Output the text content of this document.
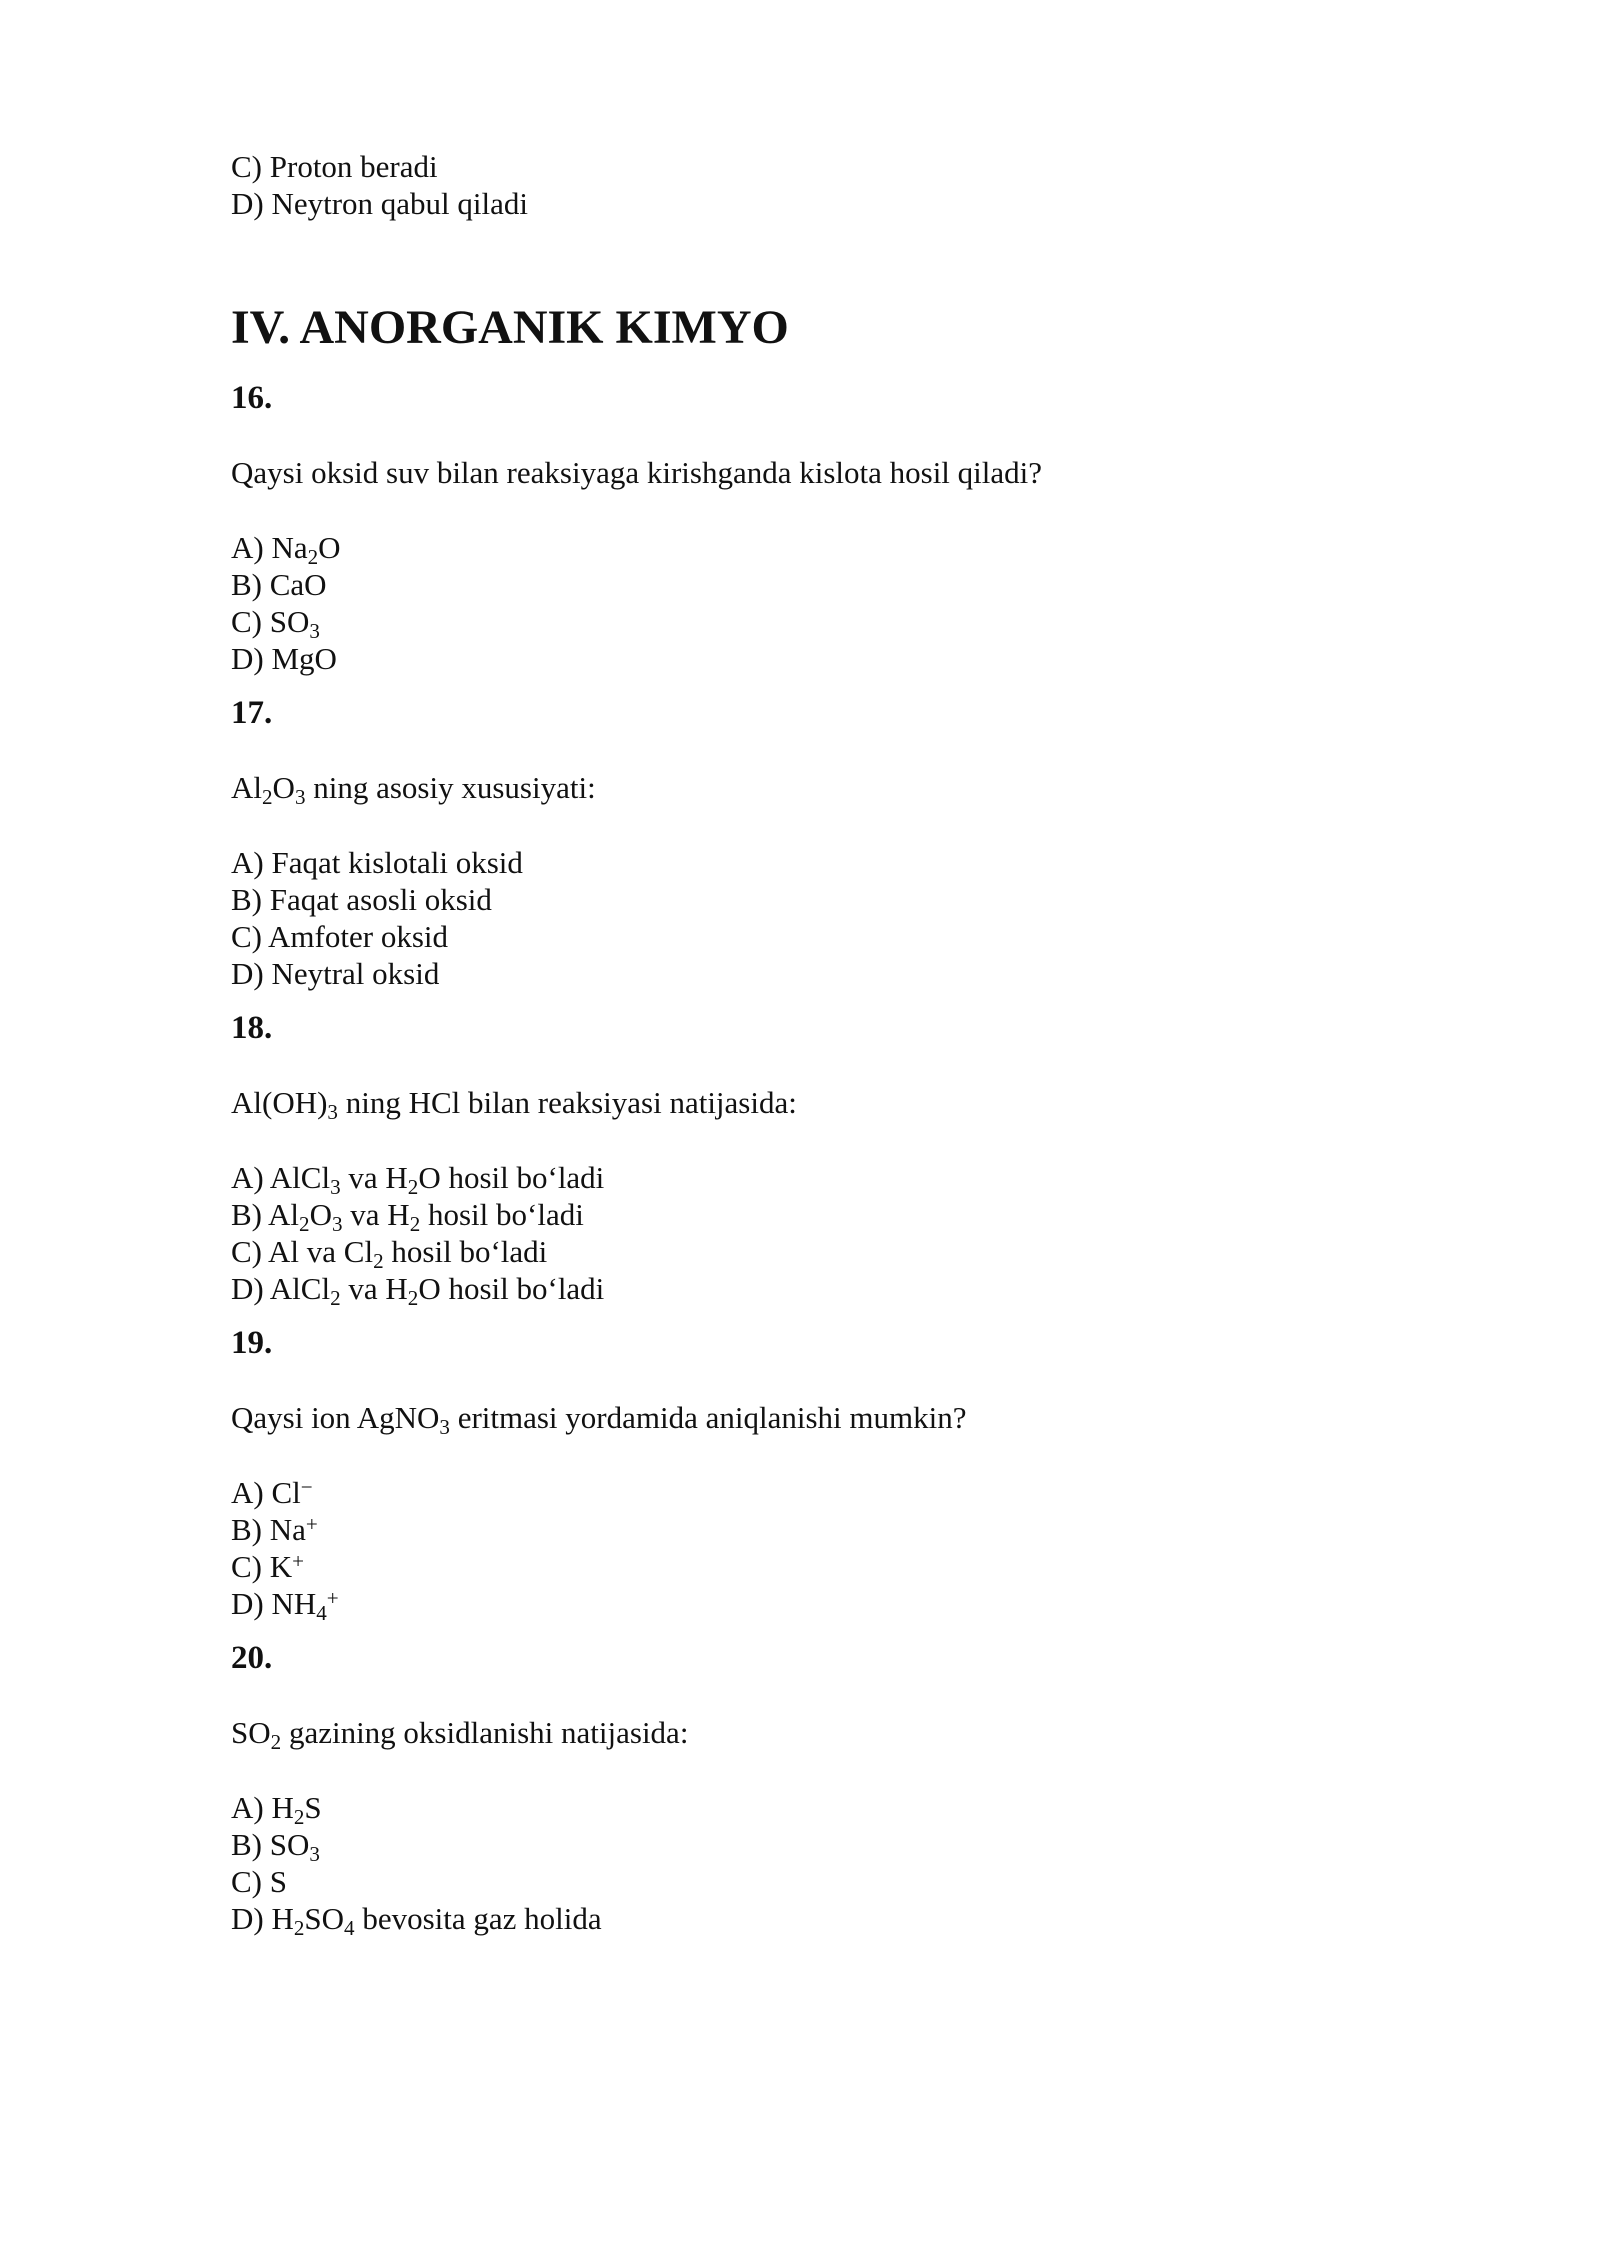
C) Proton beradi
D) Neytron qabul qiladi
IV. ANORGANIK KIMYO
16.
Qaysi oksid suv bilan reaksiyaga kirishganda kislota hosil qiladi?
A) $Na_2O$
B) CaO
C) $SO_3$
D) MgO
17.
$Al_2O_3$ ning asosiy xususiyati:
A) Faqat kislotali oksid
B) Faqat asosli oksid
C) Amfoter oksid
D) Neytral oksid
18.
$Al(OH)_3$ ning HCl bilan reaksiyasi natijasida:
A) AlCl$_3$ va $H_2O$ hosil bo‘ladi
B) $Al_2O_3$ va $H_2$ hosil bo‘ladi
C) Al va $Cl_2$ hosil bo‘ladi
D) AlCl$_2$ va $H_2O$ hosil bo‘ladi
19.
Qaysi ion AgNO$_3$ eritmasi yordamida aniqlanishi mumkin?
A) Cl−
B) Na+
C) K+
D) $NH_4^+$
20.
$SO_2$ gazining oksidlanishi natijasida:
A) $H_2S$
B) $SO_3$
C) S
D) $H_2SO_4$ bevosita gaz holida
